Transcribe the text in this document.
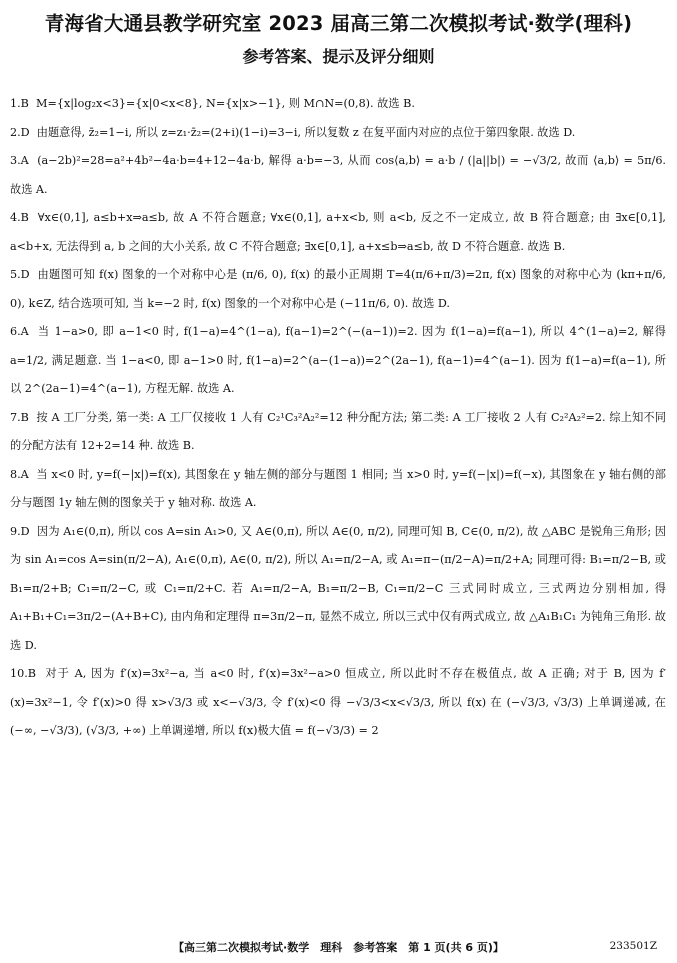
青海省大通县教学研究室 2023 届高三第二次模拟考试·数学(理科)
参考答案、提示及评分细则
1.B M={x|log₂x<3}={x|0<x<8}, N={x|x>−1}, 则 M∩N=(0,8). 故选 B.
2.D 由题意得, z̄₂=1−i, 所以 z=z₁·z̄₂=(2+i)(1−i)=3−i, 所以复数 z 在复平面内对应的点位于第四象限. 故选 D.
3.A (a−2b)²=28=a²+4b²−4a·b=4+12−4a·b, 解得 a·b=−3, 从而 cos⟨a,b⟩ = a·b / (|a||b|) = −√3/2, 故而 ⟨a,b⟩ = 5π/6. 故选 A.
4.B ∀x∈(0,1], a≤b+x⇒a≤b, 故 A 不符合题意; ∀x∈(0,1], a+x<b, 则 a<b, 反之不一定成立, 故 B 符合题意; 由 ∃x∈[0,1], a<b+x, 无法得到 a, b 之间的大小关系, 故 C 不符合题意; ∃x∈[0,1], a+x≤b⇒a≤b, 故 D 不符合题意. 故选 B.
5.D 由题图可知 f(x) 图象的一个对称中心是 (π/6, 0), f(x) 的最小正周期 T=4(π/6+π/3)=2π, f(x) 图象的对称中心为 (kπ+π/6, 0), k∈Z, 结合选项可知, 当 k=−2 时, f(x) 图象的一个对称中心是 (−11π/6, 0). 故选 D.
6.A 当 1−a>0, 即 a−1<0 时, f(1−a)=4^(1−a), f(a−1)=2^(−(a−1))=2. 因为 f(1−a)=f(a−1), 所以 4^(1−a)=2, 解得 a=1/2, 满足题意. 当 1−a<0, 即 a−1>0 时, f(1−a)=2^(a−(1−a))=2^(2a−1), f(a−1)=4^(a−1). 因为 f(1−a)=f(a−1), 所以 2^(2a−1)=4^(a−1), 方程无解. 故选 A.
7.B 按 A 工厂分类, 第一类: A 工厂仅接收 1 人有 C₂¹C₃²A₂²=12 种分配方法; 第二类: A 工厂接收 2 人有 C₂²A₂²=2. 综上知不同的分配方法有 12+2=14 种. 故选 B.
8.A 当 x<0 时, y=f(−|x|)=f(x), 其图象在 y 轴左侧的部分与题图 1 相同; 当 x>0 时, y=f(−|x|)=f(−x), 其图象在 y 轴右侧的部分与题图 1y 轴左侧的图象关于 y 轴对称. 故选 A.
9.D 因为 A₁∈(0,π), 所以 cos A=sin A₁>0, 又 A∈(0,π), 所以 A∈(0, π/2), 同理可知 B, C∈(0, π/2), 故 △ABC 是锐角三角形; 因为 sin A₁=cos A=sin(π/2−A), A₁∈(0,π), A∈(0, π/2), 所以 A₁=π/2−A, 或 A₁=π−(π/2−A)=π/2+A; 同理可得: B₁=π/2−B, 或 B₁=π/2+B; C₁=π/2−C, 或 C₁=π/2+C. 若 A₁=π/2−A, B₁=π/2−B, C₁=π/2−C 三式同时成立, 三式两边分别相加, 得 A₁+B₁+C₁=3π/2−(A+B+C), 由内角和定理得 π=3π/2−π, 显然不成立, 所以三式中仅有两式成立, 故 △A₁B₁C₁ 为钝角三角形. 故选 D.
10.B 对于 A, 因为 f′(x)=3x²−a, 当 a<0 时, f′(x)=3x²−a>0 恒成立, 所以此时不存在极值点, 故 A 正确; 对于 B, 因为 f′(x)=3x²−1, 令 f′(x)>0 得 x>√3/3 或 x<−√3/3, 令 f′(x)<0 得 −√3/3<x<√3/3, 所以 f(x) 在 (−√3/3, √3/3) 上单调递减, 在 (−∞, −√3/3), (√3/3, +∞) 上单调递增, 所以 f(x)极大值 = f(−√3/3) = 2
【高三第二次模拟考试·数学　理科　参考答案　第 1 页(共 6 页)】	233501Z
